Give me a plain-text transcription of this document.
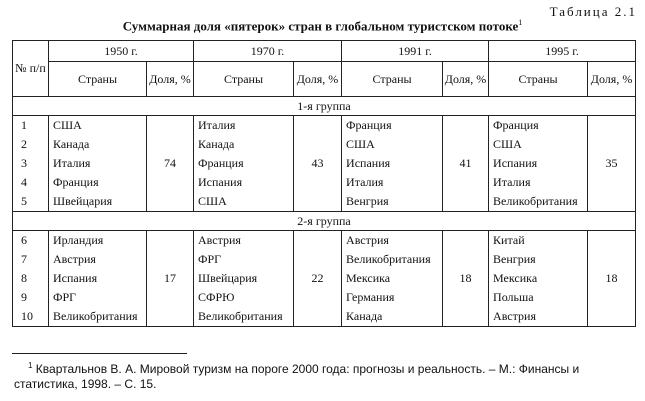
Таблица 2.1
Суммарная доля «пятерок» стран в глобальном туристском потоке$^1$
№ п/п	1950 г.		1970 г.		1991 г.		1995 г.	
	Страны	Доля, %	Страны	Доля, %	Страны	Доля, %	Страны	Доля, %
1-я группа								
1	США	74	Италия	43	Франция	41	Франция	35
2	Канада		Канада		США		США	
3	Италия		Франция		Испания		Испания	
4	Франция		Испания		Италия		Италия	
5	Швейцария		США		Венгрия		Великобритания	
2-я группа								
6	Ирландия	17	Австрия	22	Австрия	18	Китай	18
7	Австрия		ФРГ		Великобритания		Венгрия	
8	Испания		Швейцария		Мексика		Мексика	
9	ФРГ		СФРЮ		Германия		Польша	
10	Великобритания		Великобритания		Канада		Австрия	
$^1$ Квартальнов В. А. Мировой туризм на пороге 2000 года: прогнозы и реальность. – М.: Финансы и статистика, 1998. – С. 15.
